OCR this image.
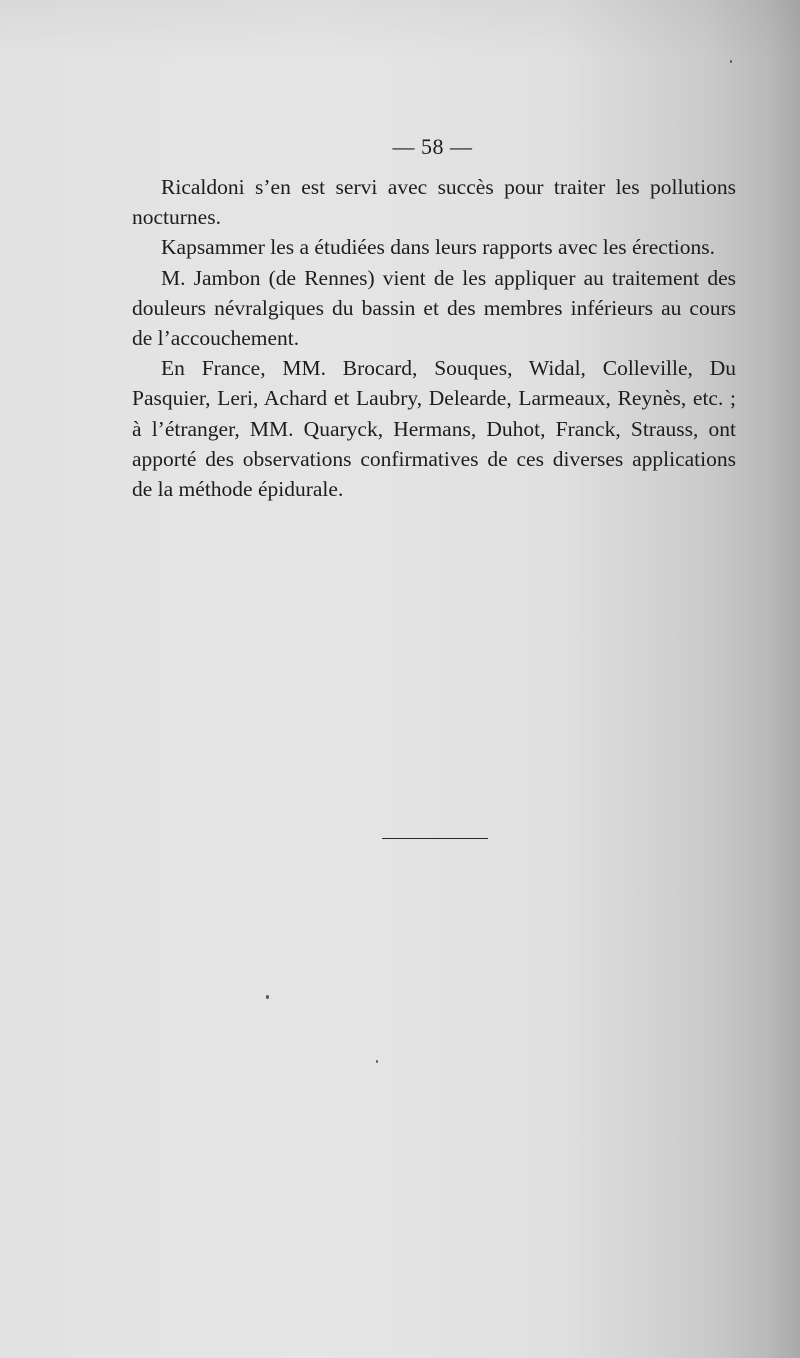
— 58 —

Ricaldoni s’en est servi avec succès pour traiter les pollutions nocturnes.

Kapsammer les a étudiées dans leurs rapports avec les érections.

M. Jambon (de Rennes) vient de les appliquer au traitement des douleurs névralgiques du bassin et des membres inférieurs au cours de l’accouchement.

En France, MM. Brocard, Souques, Widal, Colleville, Du Pasquier, Leri, Achard et Laubry, Delearde, Larmeaux, Reynès, etc. ; à l’étranger, MM. Quaryck, Hermans, Duhot, Franck, Strauss, ont apporté des observations confirmatives de ces diverses applications de la méthode épidurale.
